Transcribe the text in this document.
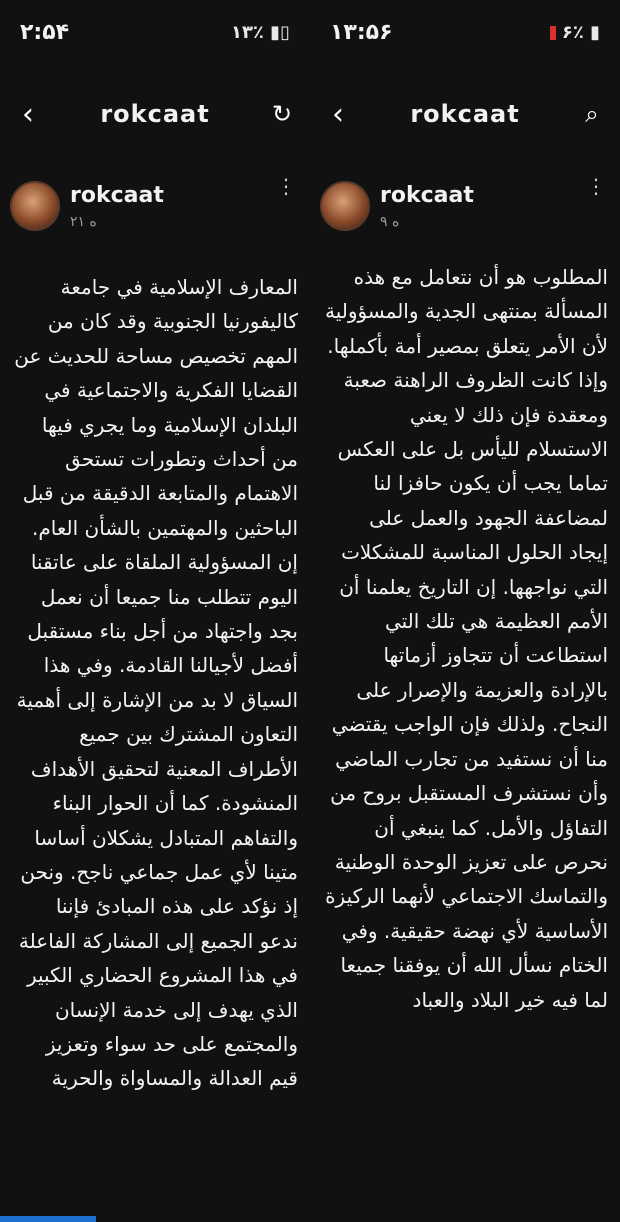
۲:۵۴	۱۳٪ ▮▯
‹	rokcaat	↻
rokcaat
۲۱ ه
⋮
المعارف الإسلامية في جامعة كاليفورنيا الجنوبية وقد كان من المهم تخصيص مساحة للحديث عن القضايا الفكرية والاجتماعية في البلدان الإسلامية وما يجري فيها من أحداث وتطورات تستحق الاهتمام والمتابعة الدقيقة من قبل الباحثين والمهتمين بالشأن العام. إن المسؤولية الملقاة على عاتقنا اليوم تتطلب منا جميعا أن نعمل بجد واجتهاد من أجل بناء مستقبل أفضل لأجيالنا القادمة. وفي هذا السياق لا بد من الإشارة إلى أهمية التعاون المشترك بين جميع الأطراف المعنية لتحقيق الأهداف المنشودة. كما أن الحوار البناء والتفاهم المتبادل يشكلان أساسا متينا لأي عمل جماعي ناجح. ونحن إذ نؤكد على هذه المبادئ فإننا ندعو الجميع إلى المشاركة الفاعلة في هذا المشروع الحضاري الكبير الذي يهدف إلى خدمة الإنسان والمجتمع على حد سواء وتعزيز قيم العدالة والمساواة والحرية
۱۳:۵۶	۶٪ ▮
‹	rokcaat	⌕
rokcaat
۹ ه
⋮
المطلوب هو أن نتعامل مع هذه المسألة بمنتهى الجدية والمسؤولية لأن الأمر يتعلق بمصير أمة بأكملها. وإذا كانت الظروف الراهنة صعبة ومعقدة فإن ذلك لا يعني الاستسلام لليأس بل على العكس تماما يجب أن يكون حافزا لنا لمضاعفة الجهود والعمل على إيجاد الحلول المناسبة للمشكلات التي نواجهها. إن التاريخ يعلمنا أن الأمم العظيمة هي تلك التي استطاعت أن تتجاوز أزماتها بالإرادة والعزيمة والإصرار على النجاح. ولذلك فإن الواجب يقتضي منا أن نستفيد من تجارب الماضي وأن نستشرف المستقبل بروح من التفاؤل والأمل. كما ينبغي أن نحرص على تعزيز الوحدة الوطنية والتماسك الاجتماعي لأنهما الركيزة الأساسية لأي نهضة حقيقية. وفي الختام نسأل الله أن يوفقنا جميعا لما فيه خير البلاد والعباد
